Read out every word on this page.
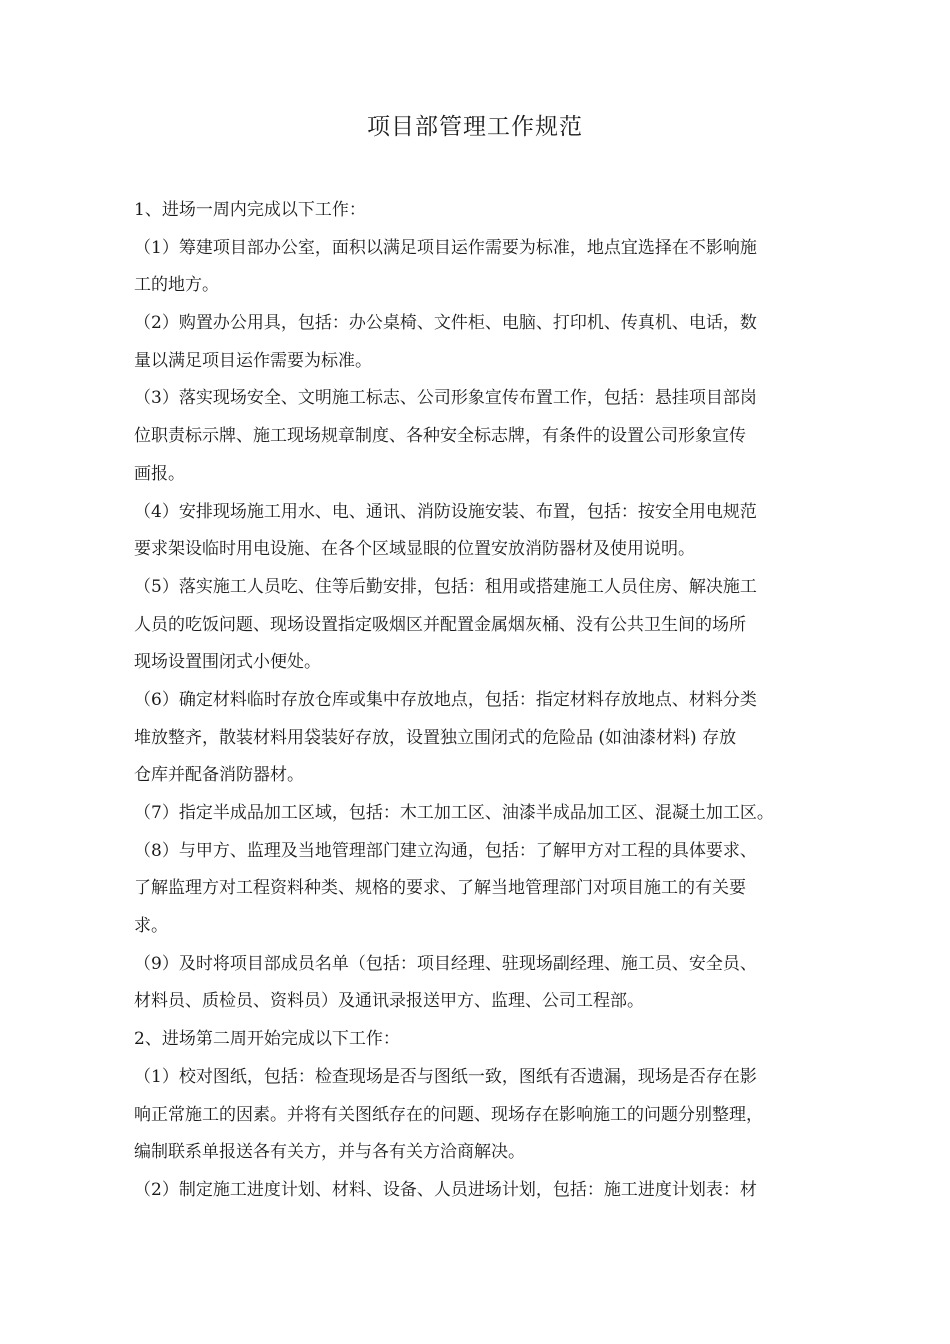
项目部管理工作规范
1、进场一周内完成以下工作：
（1）筹建项目部办公室，面积以满足项目运作需要为标准，地点宜选择在不影响施
工的地方。
（2）购置办公用具，包括：办公桌椅、文件柜、电脑、打印机、传真机、电话，数
量以满足项目运作需要为标准。
（3）落实现场安全、文明施工标志、公司形象宣传布置工作，包括：悬挂项目部岗
位职责标示牌、施工现场规章制度、各种安全标志牌，有条件的设置公司形象宣传
画报。
（4）安排现场施工用水、电、通讯、消防设施安装、布置，包括：按安全用电规范
要求架设临时用电设施、在各个区域显眼的位置安放消防器材及使用说明。
（5）落实施工人员吃、住等后勤安排，包括：租用或搭建施工人员住房、解决施工
人员的吃饭问题、现场设置指定吸烟区并配置金属烟灰桶、没有公共卫生间的场所
现场设置围闭式小便处。
（6）确定材料临时存放仓库或集中存放地点，包括：指定材料存放地点、材料分类
堆放整齐，散装材料用袋装好存放，设置独立围闭式的危险品 (如油漆材料) 存放
仓库并配备消防器材。
（7）指定半成品加工区域，包括：木工加工区、油漆半成品加工区、混凝土加工区。
（8）与甲方、监理及当地管理部门建立沟通，包括：了解甲方对工程的具体要求、
了解监理方对工程资料种类、规格的要求、了解当地管理部门对项目施工的有关要
求。
（9）及时将项目部成员名单（包括：项目经理、驻现场副经理、施工员、安全员、
材料员、质检员、资料员）及通讯录报送甲方、监理、公司工程部。
2、进场第二周开始完成以下工作：
（1）校对图纸，包括：检查现场是否与图纸一致，图纸有否遗漏，现场是否存在影
响正常施工的因素。并将有关图纸存在的问题、现场存在影响施工的问题分别整理，
编制联系单报送各有关方，并与各有关方洽商解决。
（2）制定施工进度计划、材料、设备、人员进场计划，包括：施工进度计划表：材
